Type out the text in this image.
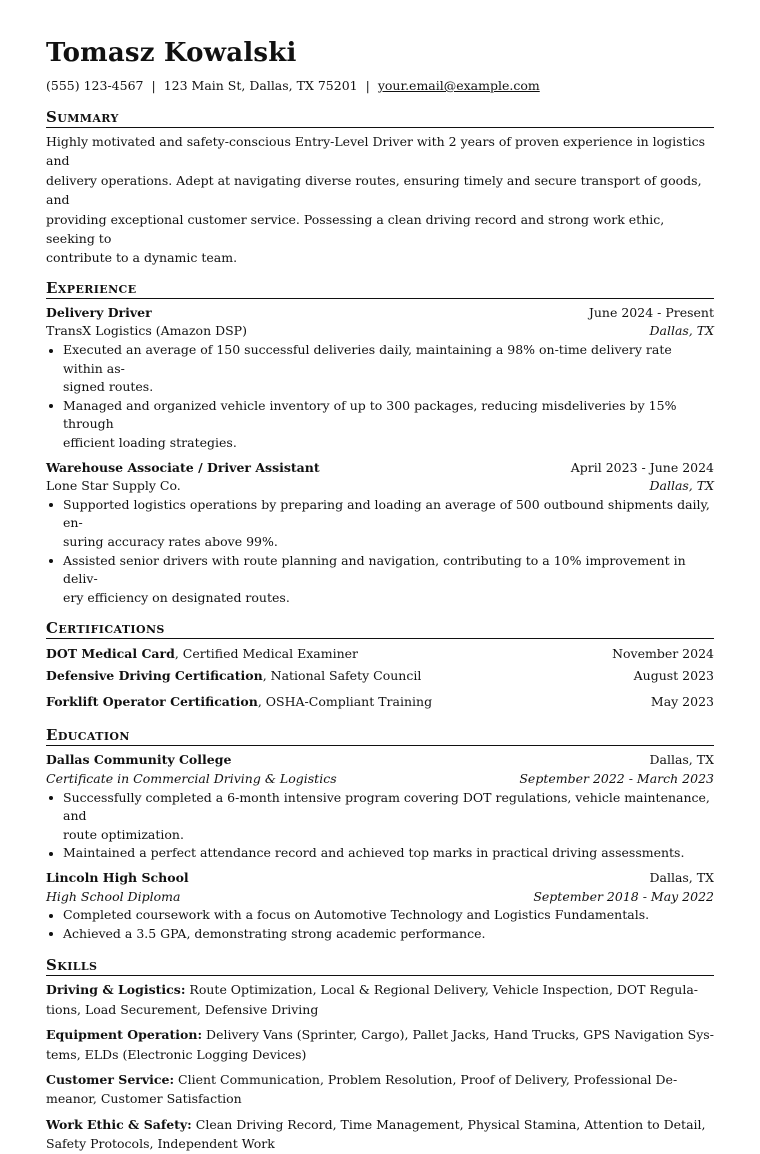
Tomasz Kowalski
(555) 123-4567 | 123 Main St, Dallas, TX 75201 | your.email@example.com
Summary
Highly motivated and safety-conscious Entry-Level Driver with 2 years of proven experience in logistics and
delivery operations. Adept at navigating diverse routes, ensuring timely and secure transport of goods, and
providing exceptional customer service. Possessing a clean driving record and strong work ethic, seeking to
contribute to a dynamic team.
Experience
Delivery Driver	June 2024 - Present
TransX Logistics (Amazon DSP)	Dallas, TX
Executed an average of 150 successful deliveries daily, maintaining a 98% on-time delivery rate within as-
signed routes.
Managed and organized vehicle inventory of up to 300 packages, reducing misdeliveries by 15% through
efficient loading strategies.
Warehouse Associate / Driver Assistant	April 2023 - June 2024
Lone Star Supply Co.	Dallas, TX
Supported logistics operations by preparing and loading an average of 500 outbound shipments daily, en-
suring accuracy rates above 99%.
Assisted senior drivers with route planning and navigation, contributing to a 10% improvement in deliv-
ery efficiency on designated routes.
Certifications
DOT Medical Card, Certified Medical Examiner	November 2024
Defensive Driving Certification, National Safety Council	August 2023
Forklift Operator Certification, OSHA-Compliant Training	May 2023
Education
Dallas Community College	Dallas, TX
Certificate in Commercial Driving & Logistics	September 2022 - March 2023
Successfully completed a 6-month intensive program covering DOT regulations, vehicle maintenance, and
route optimization.
Maintained a perfect attendance record and achieved top marks in practical driving assessments.
Lincoln High School	Dallas, TX
High School Diploma	September 2018 - May 2022
Completed coursework with a focus on Automotive Technology and Logistics Fundamentals.
Achieved a 3.5 GPA, demonstrating strong academic performance.
Skills
Driving & Logistics: Route Optimization, Local & Regional Delivery, Vehicle Inspection, DOT Regula-
tions, Load Securement, Defensive Driving
Equipment Operation: Delivery Vans (Sprinter, Cargo), Pallet Jacks, Hand Trucks, GPS Navigation Sys-
tems, ELDs (Electronic Logging Devices)
Customer Service: Client Communication, Problem Resolution, Proof of Delivery, Professional De-
meanor, Customer Satisfaction
Work Ethic & Safety: Clean Driving Record, Time Management, Physical Stamina, Attention to Detail,
Safety Protocols, Independent Work
